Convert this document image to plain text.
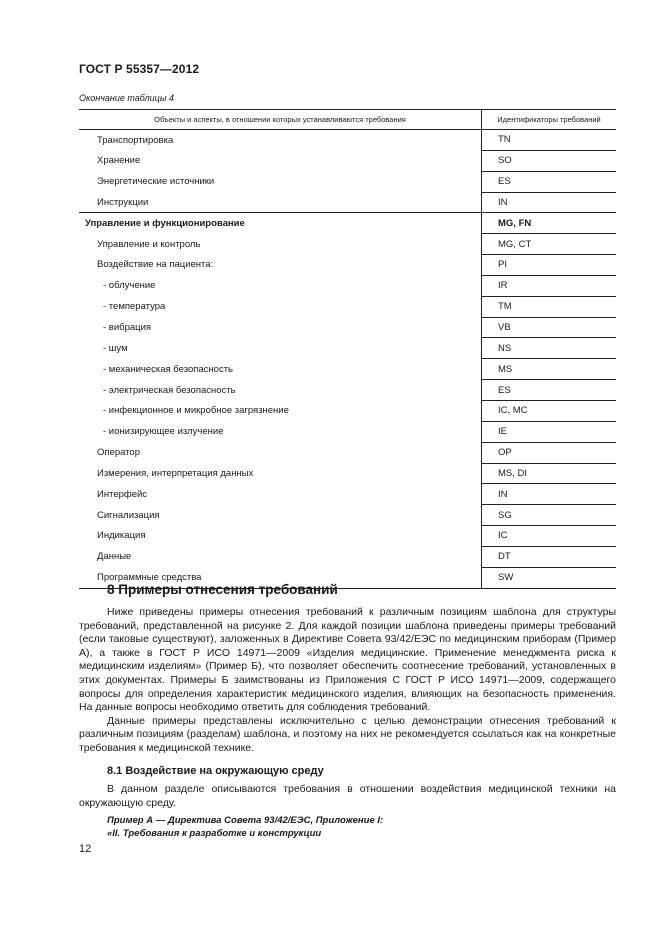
ГОСТ Р 55357—2012
Окончание таблицы 4
Объекты и аспекты, в отношении которых устанавливаются требования	Идентификаторы требований
Транспортировка	TN
Хранение	SO
Энергетические источники	ES
Инструкции	IN
Управление и функционирование	MG, FN
Управление и контроль	MG, CT
Воздействие на пациента:	PI
- облучение	IR
- температура	TM
- вибрация	VB
- шум	NS
- механическая безопасность	MS
- электрическая безопасность	ES
- инфекционное и микробное загрязнение	IC, MC
- ионизирующее излучение	IE
Оператор	OP
Измерения, интерпретация данных	MS, DI
Интерфейс	IN
Сигнализация	SG
Индикация	IC
Данные	DT
Программные средства	SW
8 Примеры отнесения требований

Ниже приведены примеры отнесения требований к различным позициям шаблона для структуры требований, представленной на рисунке 2. Для каждой позиции шаблона приведены примеры требований (если таковые существуют), заложенных в Директиве Совета 93/42/ЕЭС по медицинским приборам (Пример А), а также в ГОСТ Р ИСО 14971—2009 «Изделия медицинские. Применение менеджмента риска к медицинским изделиям» (Пример Б), что позволяет обеспечить соотнесение требований, установленных в этих документах. Примеры Б заимствованы из Приложения С ГОСТ Р ИСО 14971—2009, содержащего вопросы для определения характеристик медицинского изделия, влияющих на безопасность применения. На данные вопросы необходимо ответить для соблюдения требований.

Данные примеры представлены исключительно с целью демонстрации отнесения требований к различным позициям (разделам) шаблона, и поэтому на них не рекомендуется ссылаться как на конкретные требования к медицинской технике.

8.1 Воздействие на окружающую среду

В данном разделе описываются требования в отношении воздействия медицинской техники на окружающую среду.

Пример А — Директива Совета 93/42/ЕЭС, Приложение I:
«II. Требования к разработке и конструкции
12
